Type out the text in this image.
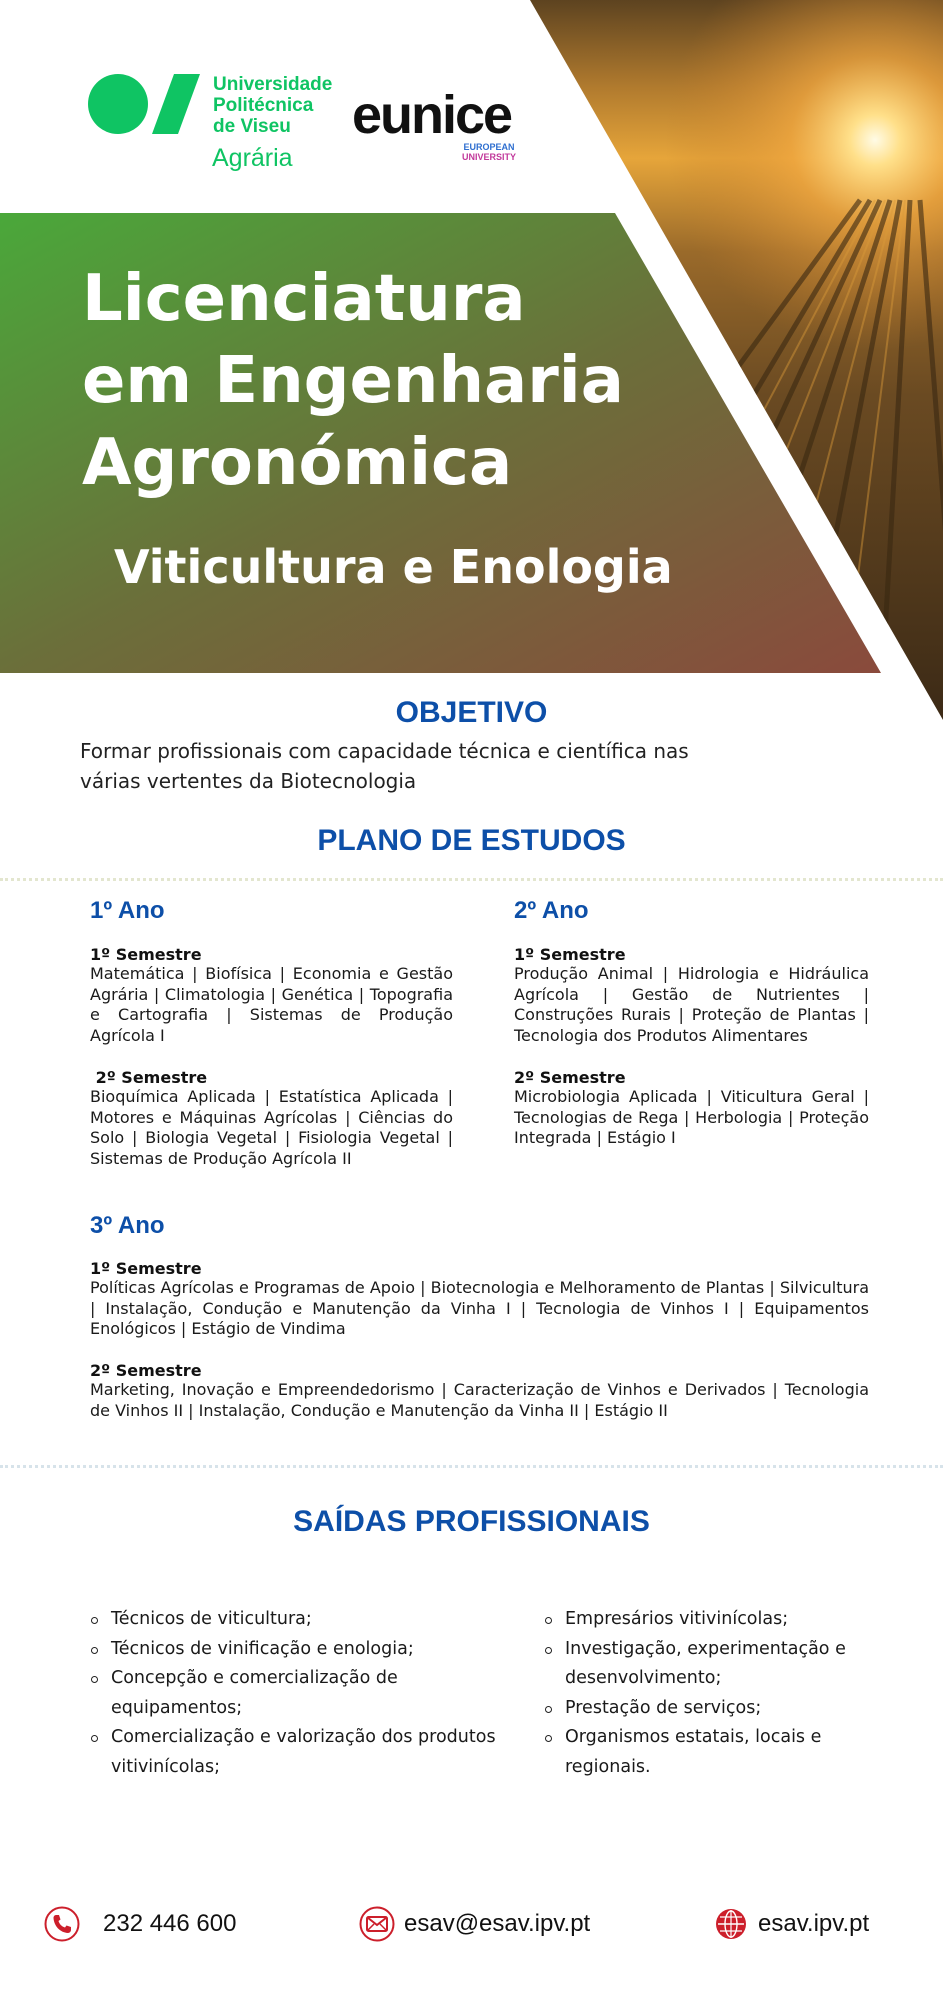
Universidade
Politécnica
de Viseu
Agrária
eunice
EUROPEAN
UNIVERSITY
Licenciatura
em Engenharia
Agronómica
Viticultura e Enologia
OBJETIVO
Formar profissionais com capacidade técnica e científica nas várias vertentes da Biotecnologia
PLANO DE ESTUDOS
1º Ano
1º Semestre
Matemática | Biofísica | Economia e Gestão Agrária | Climatologia | Genética | Topografia e Cartografia | Sistemas de Produção Agrícola I
2º Semestre
Bioquímica Aplicada | Estatística Aplicada | Motores e Máquinas Agrícolas | Ciências do Solo | Biologia Vegetal | Fisiologia Vegetal | Sistemas de Produção Agrícola II
2º Ano
1º Semestre
Produção Animal | Hidrologia e Hidráulica Agrícola | Gestão de Nutrientes | Construções Rurais | Proteção de Plantas | Tecnologia dos Produtos Alimentares
2º Semestre
Microbiologia Aplicada | Viticultura Geral | Tecnologias de Rega | Herbologia | Proteção Integrada | Estágio I
3º Ano
1º Semestre
Políticas Agrícolas e Programas de Apoio | Biotecnologia e Melhoramento de Plantas | Silvicultura | Instalação, Condução e Manutenção da Vinha I | Tecnologia de Vinhos I | Equipamentos Enológicos | Estágio de Vindima
2º Semestre
Marketing, Inovação e Empreendedorismo | Caracterização de Vinhos e Derivados | Tecnologia de Vinhos II | Instalação, Condução e Manutenção da Vinha II | Estágio II
SAÍDAS PROFISSIONAIS
Técnicos de viticultura;
Técnicos de vinificação e enologia;
Concepção e comercialização de equipamentos;
Comercialização e valorização dos produtos vitivinícolas;
Empresários vitivinícolas;
Investigação, experimentação e desenvolvimento;
Prestação de serviços;
Organismos estatais, locais e regionais.
232 446 600	esav@esav.ipv.pt	esav.ipv.pt
